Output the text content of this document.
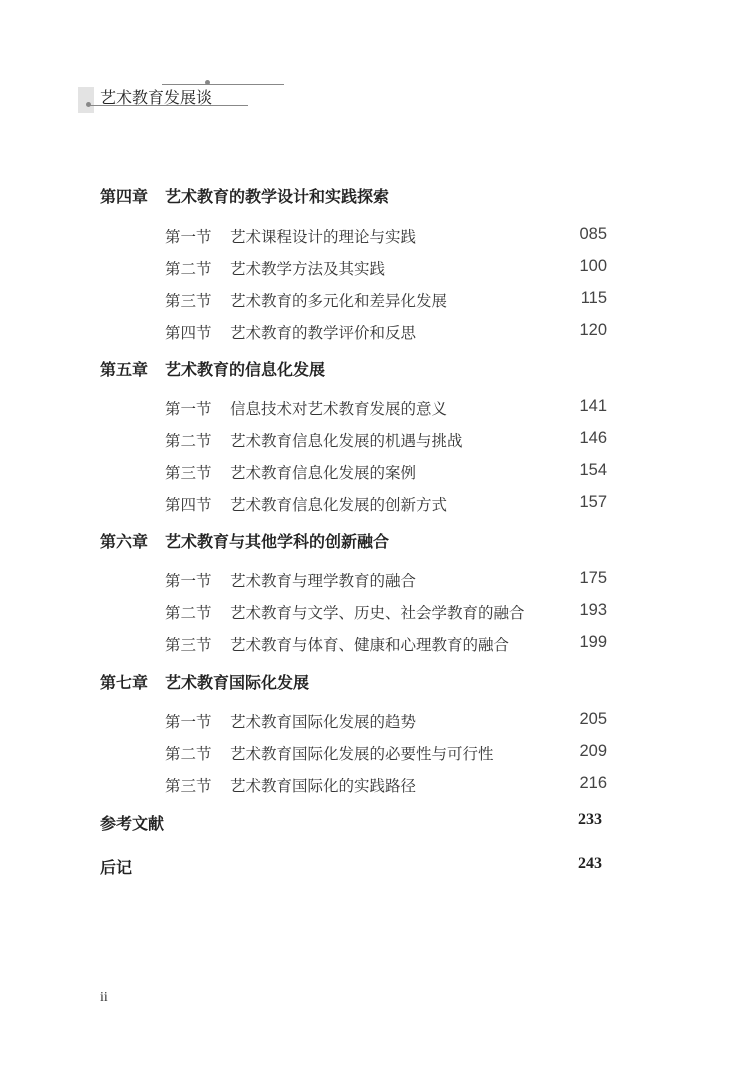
艺术教育发展谈
第四章 艺术教育的教学设计和实践探索
第一节 艺术课程设计的理论与实践	085
第二节 艺术教学方法及其实践	100
第三节 艺术教育的多元化和差异化发展	115
第四节 艺术教育的教学评价和反思	120
第五章 艺术教育的信息化发展
第一节 信息技术对艺术教育发展的意义	141
第二节 艺术教育信息化发展的机遇与挑战	146
第三节 艺术教育信息化发展的案例	154
第四节 艺术教育信息化发展的创新方式	157
第六章 艺术教育与其他学科的创新融合
第一节 艺术教育与理学教育的融合	175
第二节 艺术教育与文学、历史、社会学教育的融合	193
第三节 艺术教育与体育、健康和心理教育的融合	199
第七章 艺术教育国际化发展
第一节 艺术教育国际化发展的趋势	205
第二节 艺术教育国际化发展的必要性与可行性	209
第三节 艺术教育国际化的实践路径	216
参考文献	233
后记	243
ii
